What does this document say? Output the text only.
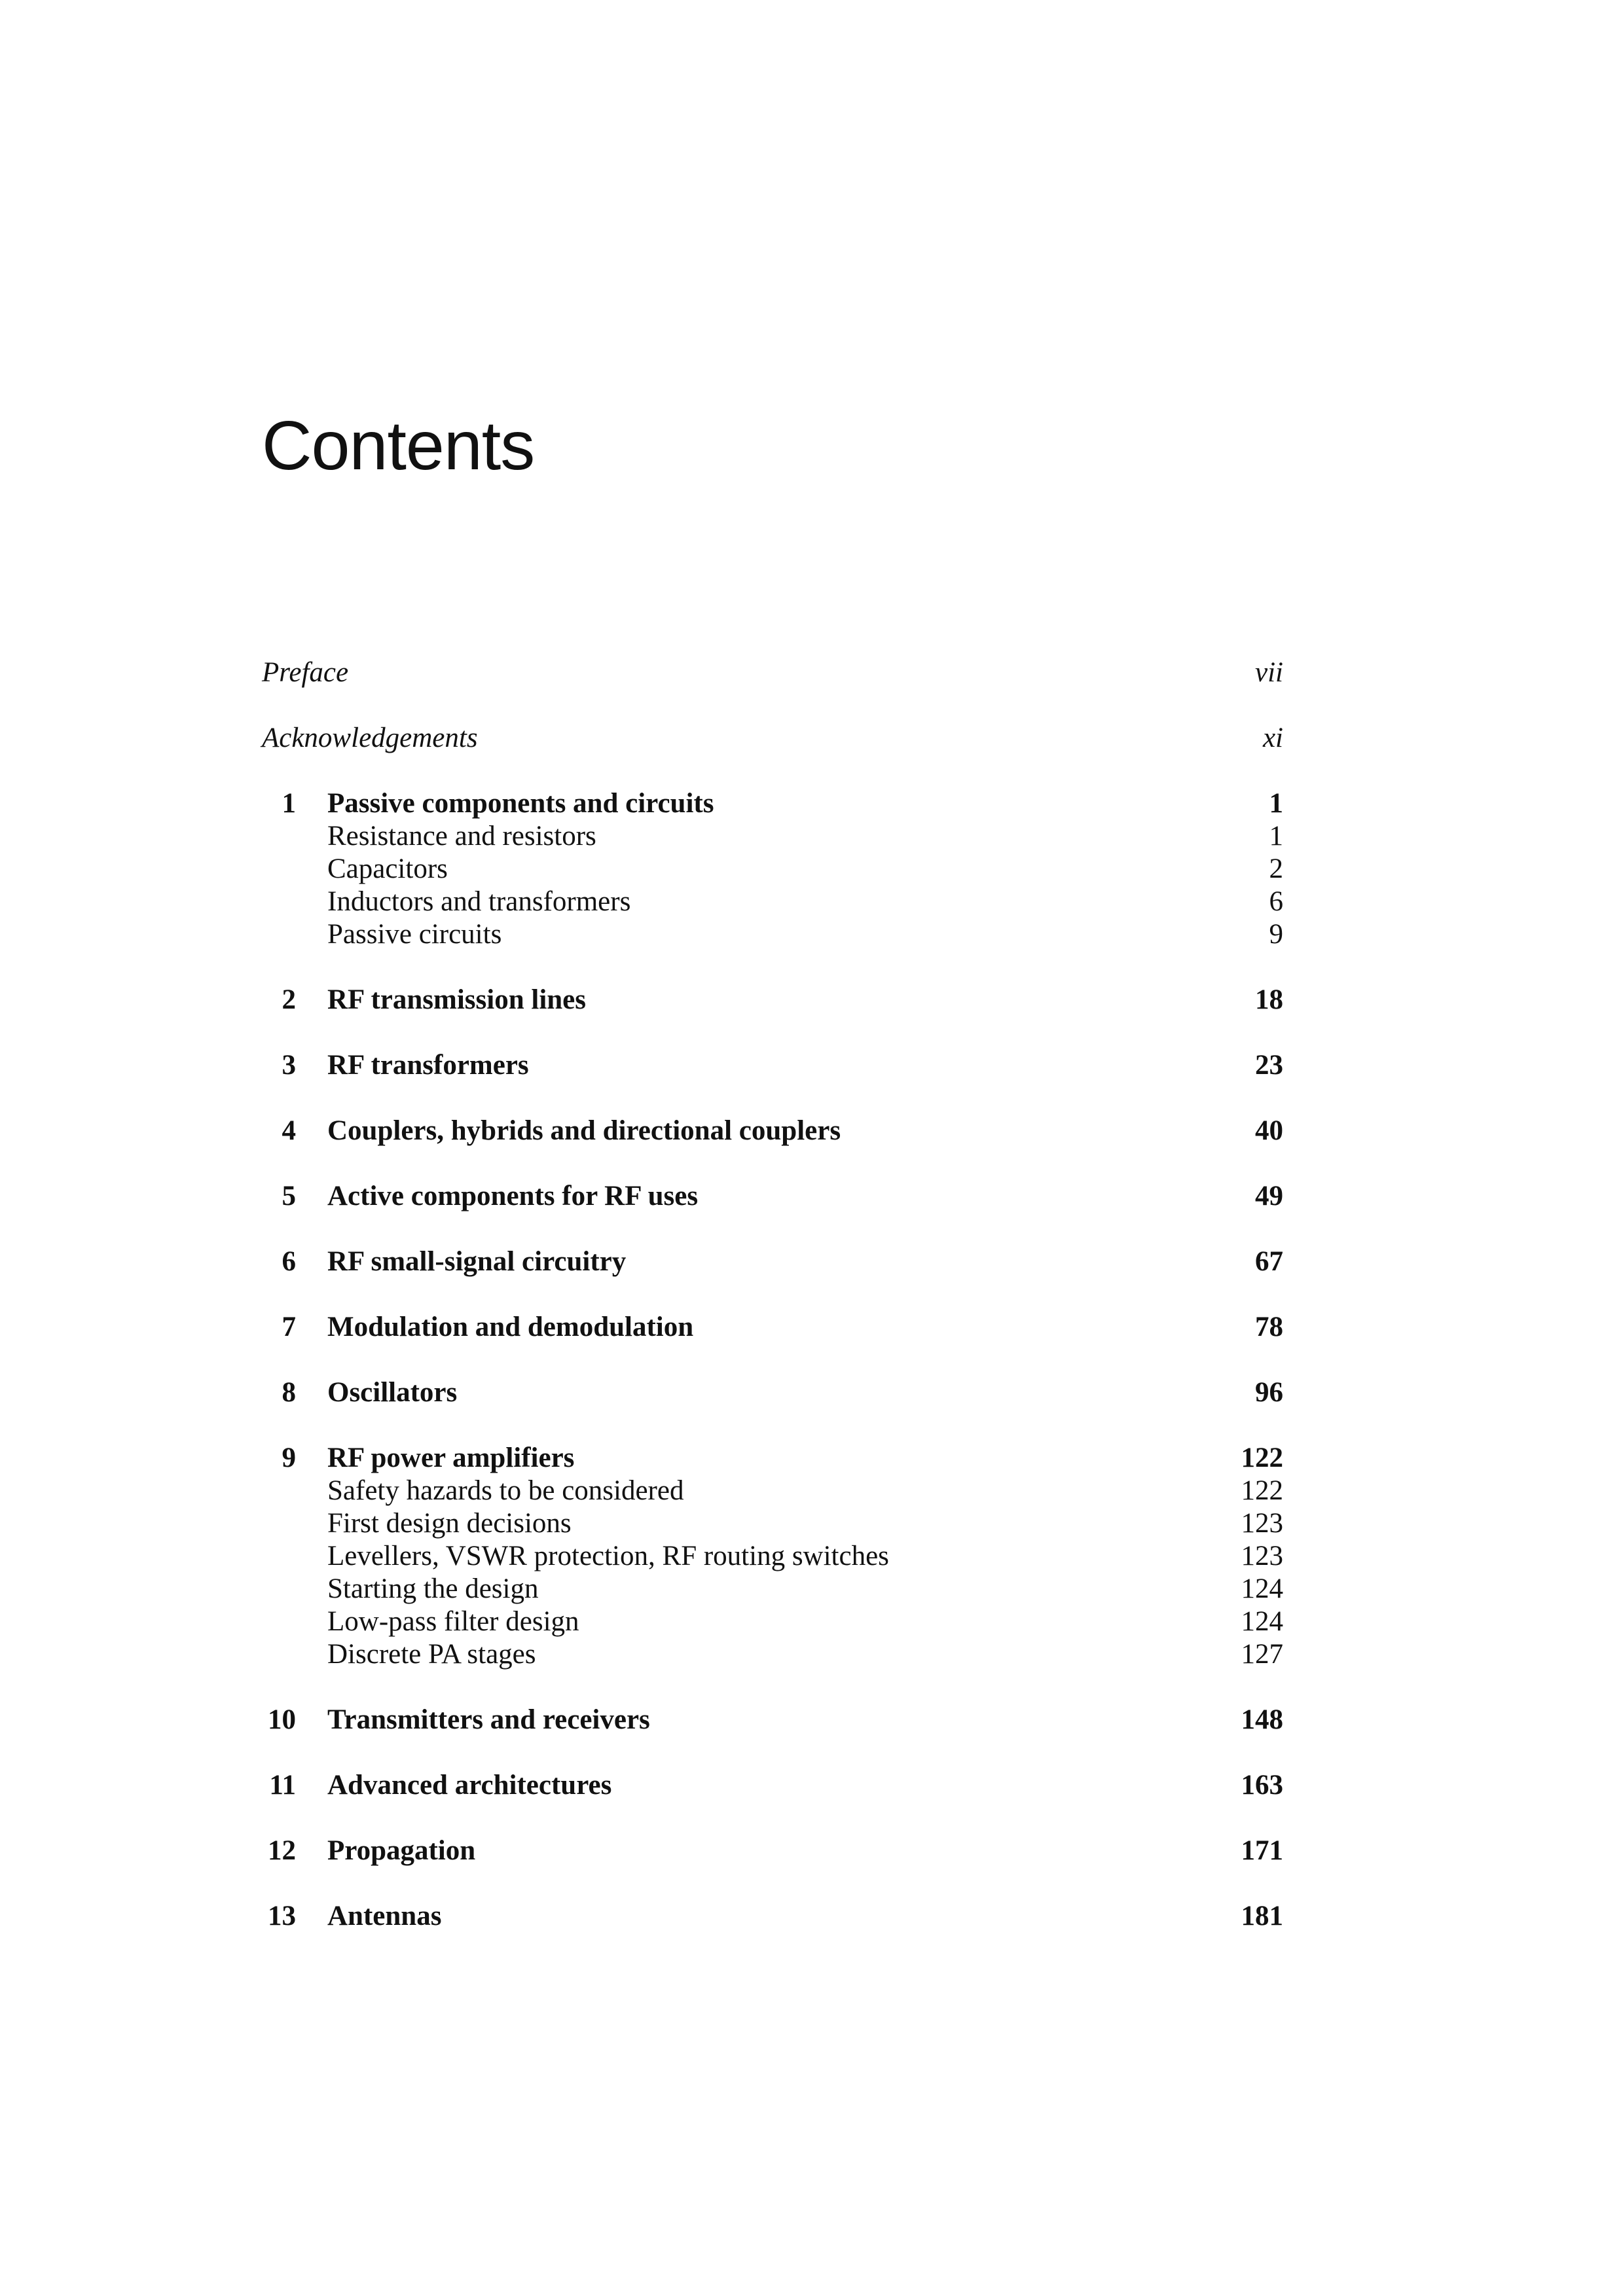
Contents
Preface	vii
Acknowledgements	xi
1 Passive components and circuits	1
Resistance and resistors	1
Capacitors	2
Inductors and transformers	6
Passive circuits	9
2 RF transmission lines	18
3 RF transformers	23
4 Couplers, hybrids and directional couplers	40
5 Active components for RF uses	49
6 RF small-signal circuitry	67
7 Modulation and demodulation	78
8 Oscillators	96
9 RF power amplifiers	122
Safety hazards to be considered	122
First design decisions	123
Levellers, VSWR protection, RF routing switches	123
Starting the design	124
Low-pass filter design	124
Discrete PA stages	127
10 Transmitters and receivers	148
11 Advanced architectures	163
12 Propagation	171
13 Antennas	181
